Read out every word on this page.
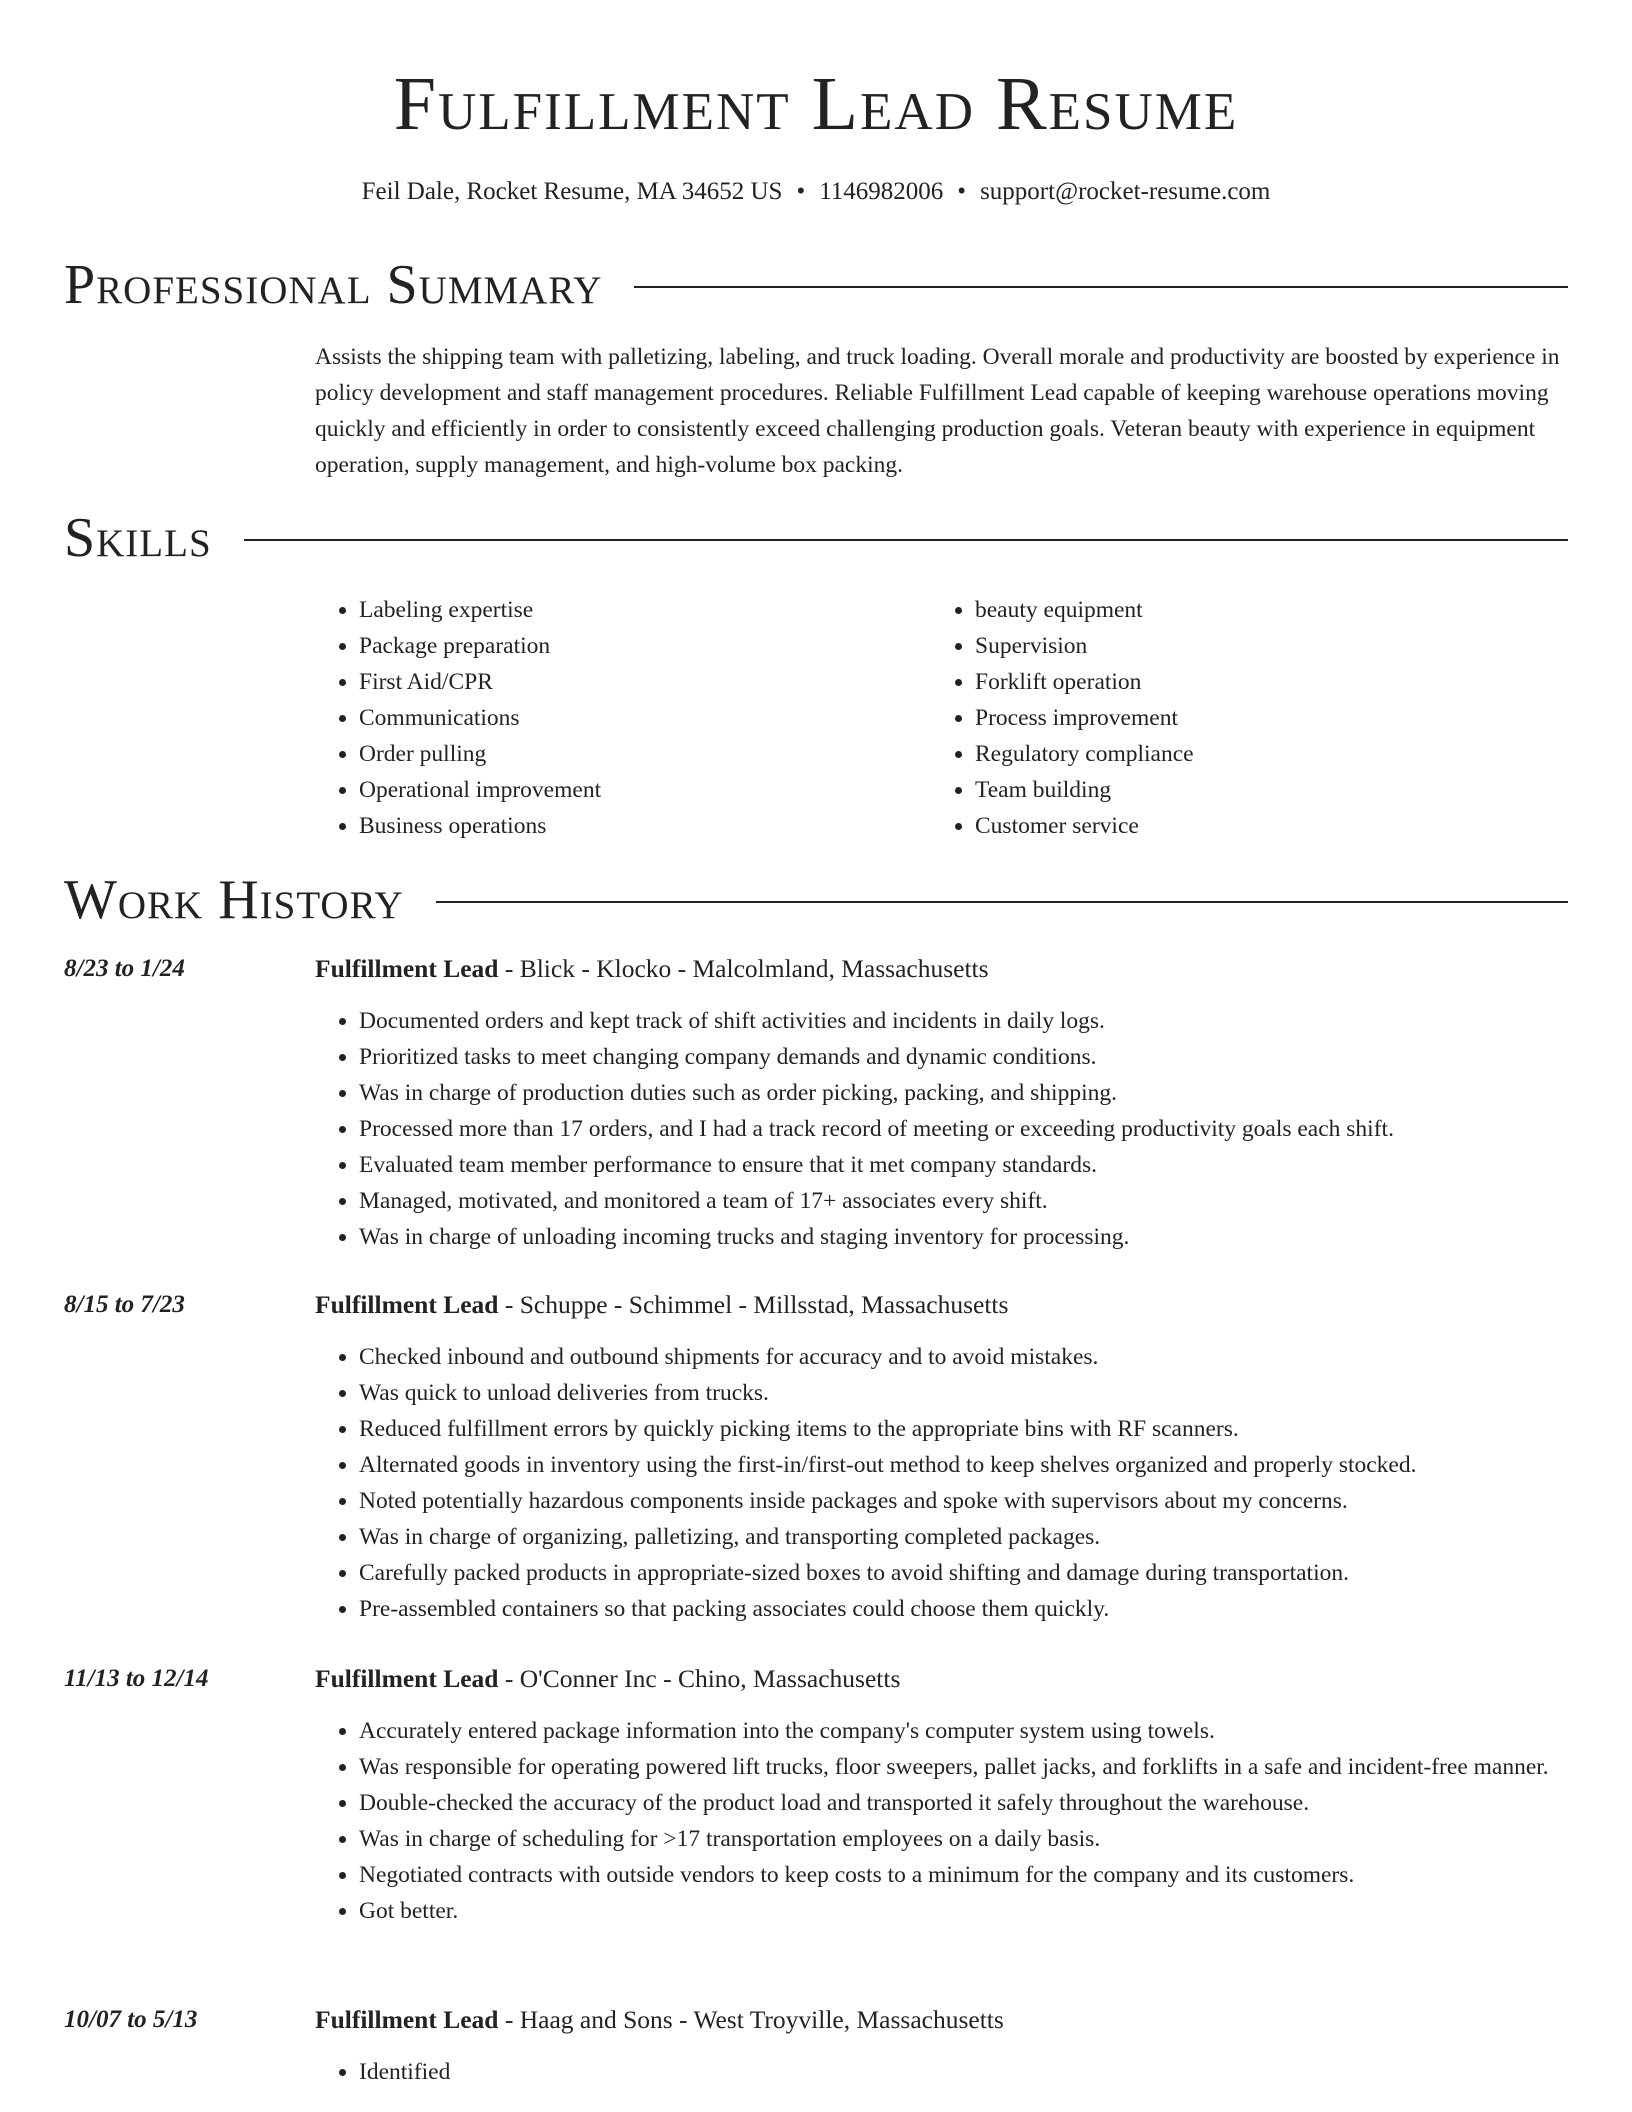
Fulfillment Lead Resume
Feil Dale, Rocket Resume, MA 34652 US • 1146982006 • support@rocket-resume.com
Professional Summary

Assists the shipping team with palletizing, labeling, and truck loading. Overall morale and productivity are boosted by experience in policy development and staff management procedures. Reliable Fulfillment Lead capable of keeping warehouse operations moving quickly and efficiently in order to consistently exceed challenging production goals. Veteran beauty with experience in equipment operation, supply management, and high-volume box packing.

Skills
• Labeling expertise
• Package preparation
• First Aid/CPR
• Communications
• Order pulling
• Operational improvement
• Business operations
• beauty equipment
• Supervision
• Forklift operation
• Process improvement
• Regulatory compliance
• Team building
• Customer service
Work History
8/23 to 1/24	Fulfillment Lead - Blick - Klocko - Malcolmland, Massachusetts
• Documented orders and kept track of shift activities and incidents in daily logs.
• Prioritized tasks to meet changing company demands and dynamic conditions.
• Was in charge of production duties such as order picking, packing, and shipping.
• Processed more than 17 orders, and I had a track record of meeting or exceeding productivity goals each shift.
• Evaluated team member performance to ensure that it met company standards.
• Managed, motivated, and monitored a team of 17+ associates every shift.
• Was in charge of unloading incoming trucks and staging inventory for processing.
8/15 to 7/23	Fulfillment Lead - Schuppe - Schimmel - Millsstad, Massachusetts
• Checked inbound and outbound shipments for accuracy and to avoid mistakes.
• Was quick to unload deliveries from trucks.
• Reduced fulfillment errors by quickly picking items to the appropriate bins with RF scanners.
• Alternated goods in inventory using the first-in/first-out method to keep shelves organized and properly stocked.
• Noted potentially hazardous components inside packages and spoke with supervisors about my concerns.
• Was in charge of organizing, palletizing, and transporting completed packages.
• Carefully packed products in appropriate-sized boxes to avoid shifting and damage during transportation.
• Pre-assembled containers so that packing associates could choose them quickly.
11/13 to 12/14	Fulfillment Lead - O'Conner Inc - Chino, Massachusetts
• Accurately entered package information into the company's computer system using towels.
• Was responsible for operating powered lift trucks, floor sweepers, pallet jacks, and forklifts in a safe and incident-free manner.
• Double-checked the accuracy of the product load and transported it safely throughout the warehouse.
• Was in charge of scheduling for >17 transportation employees on a daily basis.
• Negotiated contracts with outside vendors to keep costs to a minimum for the company and its customers.
• Got better.
10/07 to 5/13	Fulfillment Lead - Haag and Sons - West Troyville, Massachusetts
• Identified
